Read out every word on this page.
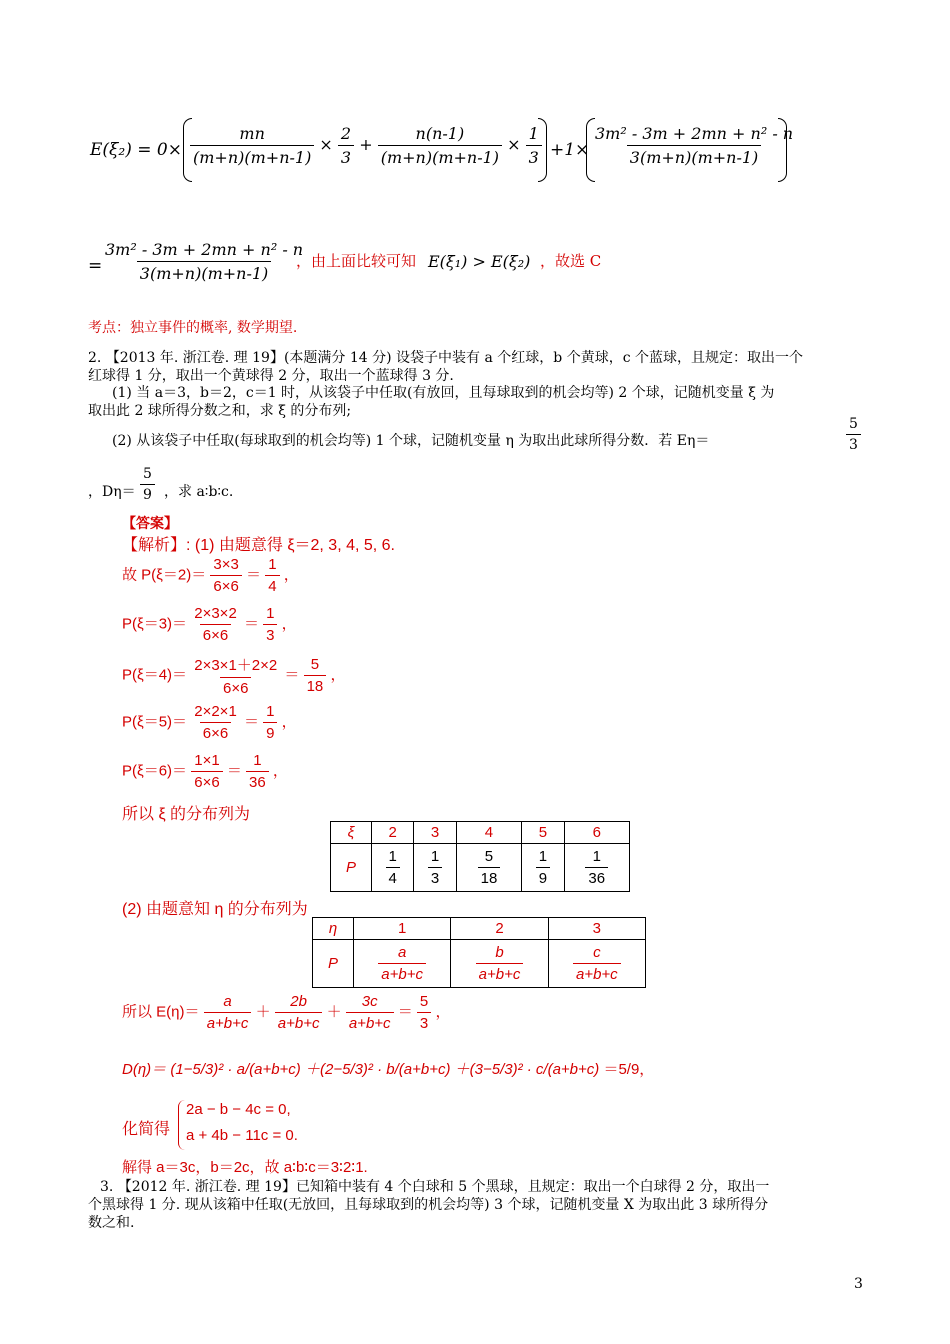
$E(\xi_2) = 0\times \frac{mn}{(m+n)(m+n-1)} \times \frac{2}{3} + \frac{n(n-1)}{(m+n)(m+n-1)} \times \frac{1}{3} +1\times \frac{\text{3m² - 3m + 2mn + n² - n}}{3(m+n)(m+n-1)}$
= $\frac{\text{3m² - 3m + 2mn + n² - n}}{3(m+n)(m+n-1)}$
，由上面比较可知 E(ξ₁) > E(ξ₂) ，故选 C
考点：独立事件的概率, 数学期望.
2. 【2013 年. 浙江卷. 理 19】(本题满分 14 分) 设袋子中装有 a 个红球，b 个黄球，c 个蓝球，且规定：取出一个
红球得 1 分，取出一个黄球得 2 分，取出一个蓝球得 3 分.
(1) 当 a＝3，b＝2，c＝1 时，从该袋子中任取(有放回，且每球取到的机会均等) 2 个球，记随机变量 ξ 为
取出此 2 球所得分数之和，求 ξ 的分布列;
(2) 从该袋子中任取(每球取到的机会均等) 1 个球，记随机变量 η 为取出此球所得分数．若 Eη＝	$\frac{5}{3}$
，$D\eta= \frac{5}{9}$ ，求 a∶b∶c.
【答案】
【解析】: (1) 由题意得 ξ＝2, 3, 4, 5, 6.
故 $P(\xi=2)= \frac{3\times 3}{6\times 6} = \frac{1}{4}$ ，
$P(\xi=3)= \frac{2\times 3\times 2}{6\times 6} = \frac{1}{3}$ ，
$P(\xi=4)= \frac{2\times 3\times 1+2\times 2}{6\times 6} = \frac{5}{18}$ ，
$P(\xi=5)= \frac{2\times 2\times 1}{6\times 6} = \frac{1}{9}$ ，
$P(\xi=6)= \frac{1\times 1}{6\times 6} = \frac{1}{36}$ ，
所以 ξ 的分布列为
ξ	2	3	4	5	6
P	$\frac{1}{4}$	$\frac{1}{3}$	$\frac{5}{18}$	$\frac{1}{9}$	$\frac{1}{36}$
(2) 由题意知 η 的分布列为
η	1	2	3
P	$\frac{a}{a+b+c}$	$\frac{b}{a+b+c}$	$\frac{c}{a+b+c}$
所以 $E(\eta)= \frac{a}{a+b+c} + \frac{2b}{a+b+c} + \frac{3c}{a+b+c} = \frac{5}{3}$ ，
D(η)＝ (1−5/3)² · a/(a+b+c) ＋(2−5/3)² · b/(a+b+c) ＋(3−5/3)² · c/(a+b+c) ＝5/9，
化简得
2a − b − 4c = 0,
a + 4b − 11c = 0.
解得 a＝3c，b＝2c，故 a∶b∶c＝3∶2∶1.
3. 【2012 年. 浙江卷. 理 19】已知箱中装有 4 个白球和 5 个黑球，且规定：取出一个白球得 2 分，取出一
个黑球得 1 分. 现从该箱中任取(无放回，且每球取到的机会均等) 3 个球，记随机变量 X 为取出此 3 球所得分
数之和.
3
